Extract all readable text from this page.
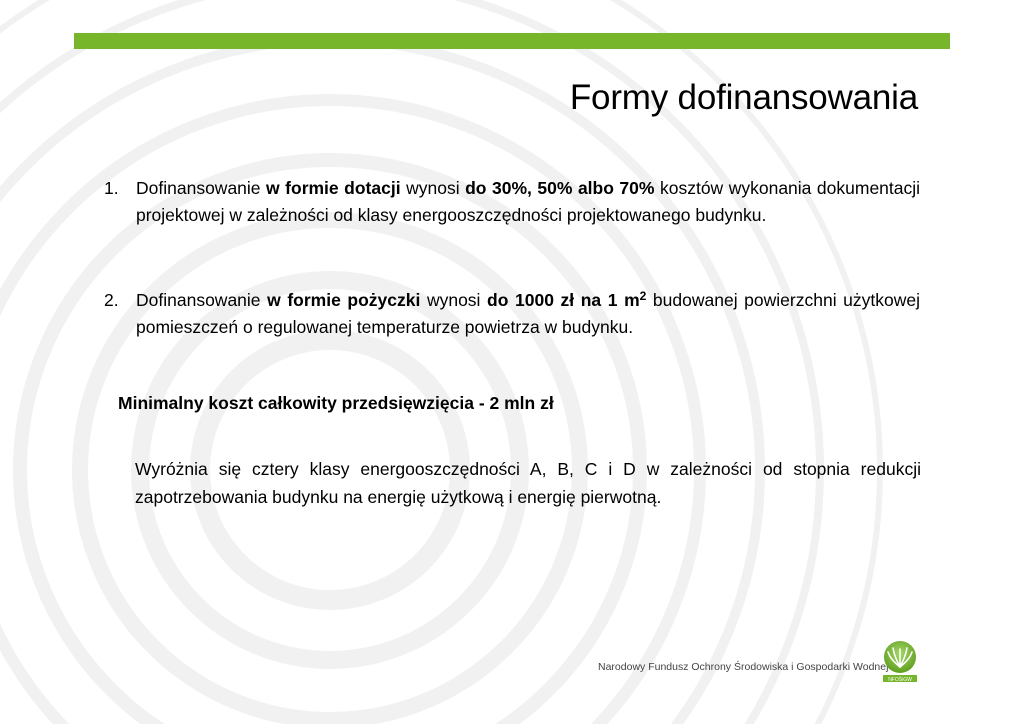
Formy dofinansowania
1. Dofinansowanie w formie dotacji wynosi do 30%, 50% albo 70% kosztów wykonania dokumentacji projektowej w zależności od klasy energooszczędności projektowanego budynku.
2. Dofinansowanie w formie pożyczki wynosi do 1000 zł na 1 $m^2$ budowanej powierzchni użytkowej pomieszczeń o regulowanej temperaturze powietrza w budynku.
Minimalny koszt całkowity przedsięwzięcia - 2 mln zł
Wyróżnia się cztery klasy energooszczędności A, B, C i D w zależności od stopnia redukcji zapotrzebowania budynku na energię użytkową i energię pierwotną.
Narodowy Fundusz Ochrony Środowiska i Gospodarki Wodnej
NFOŚiGW
